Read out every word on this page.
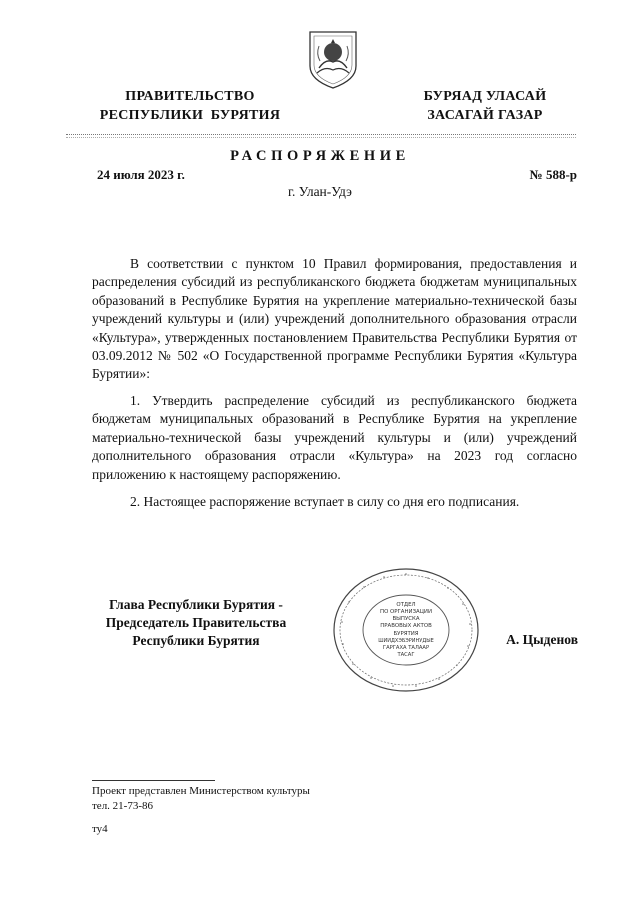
ПРАВИТЕЛЬСТВО
РЕСПУБЛИКИ  БУРЯТИЯ
БУРЯАД УЛАСАЙ
ЗАСАГАЙ ГАЗАР
РАСПОРЯЖЕНИЕ
24 июля 2023 г.	№ 588-р
г. Улан-Удэ

В соответствии с пунктом 10 Правил формирования, предоставления и распределения субсидий из республиканского бюджета бюджетам муниципальных образований в Республике Бурятия на укрепление материально-технической базы учреждений культуры и (или) учреждений дополнительного образования отрасли «Культура», утвержденных постановлением Правительства Республики Бурятия от 03.09.2012 № 502 «О Государственной программе Республики Бурятия «Культура Бурятии»:

1. Утвердить распределение субсидий из республиканского бюджета бюджетам муниципальных образований в Республике Бурятия на укрепление материально-технической базы учреждений культуры и (или) учреждений дополнительного образования отрасли «Культура» на 2023 год согласно приложению к настоящему распоряжению.

2. Настоящее распоряжение вступает в силу со дня его подписания.

Глава Республики Бурятия -
Председатель Правительства
Республики Бурятия
ОТДЕЛ
ПО ОРГАНИЗАЦИИ
ВЫПУСКА
ПРАВОВЫХ АКТОВ
БУРЯТИЯ
ШИИДХЭБЭРИНУДЫЕ
ГАРГАХА ТАЛААР
ТАСАГ
А. Цыденов
Проект представлен Министерством культуры
тел. 21-73-86
ту4
